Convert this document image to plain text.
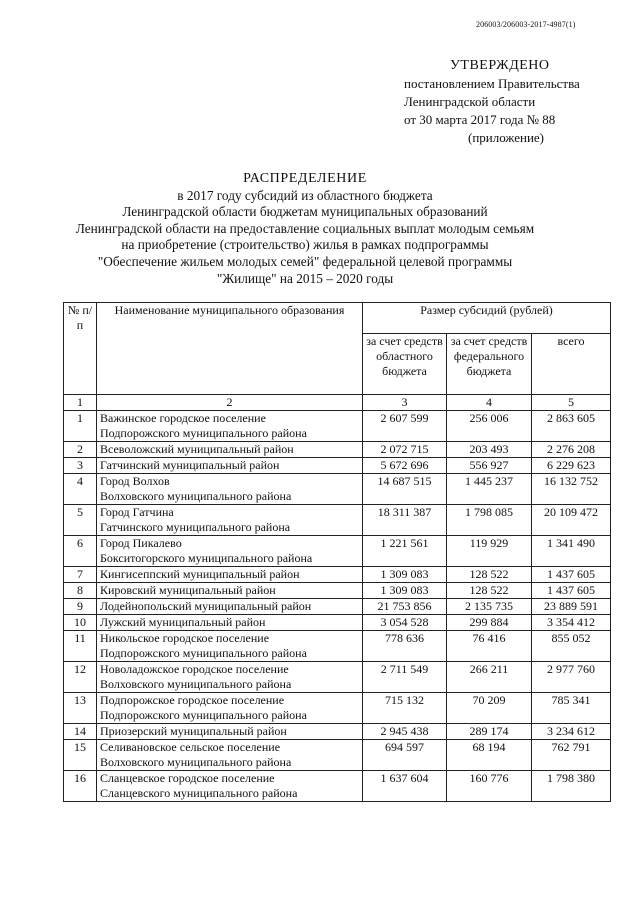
206003/206003-2017-4987(1)
УТВЕРЖДЕНО
постановлением Правительства
Ленинградской области
от 30 марта 2017 года № 88
(приложение)
РАСПРЕДЕЛЕНИЕ
в 2017 году субсидий из областного бюджета
Ленинградской области бюджетам муниципальных образований
Ленинградской области на предоставление социальных выплат молодым семьям
на приобретение (строительство) жилья в рамках подпрограммы
"Обеспечение жильем молодых семей" федеральной целевой программы
"Жилище" на 2015 – 2020 годы
№ п/п	Наименование муниципального образования	Размер субсидий (рублей)		
		за счет средств областного бюджета	за счет средств федерального бюджета	всего
1	2	3	4	5
1	Важинское городское поселение
Подпорожского муниципального района	2 607 599	256 006	2 863 605
2	Всеволожский муниципальный район	2 072 715	203 493	2 276 208
3	Гатчинский муниципальный район	5 672 696	556 927	6 229 623
4	Город Волхов
Волховского муниципального района	14 687 515	1 445 237	16 132 752
5	Город Гатчина
Гатчинского муниципального района	18 311 387	1 798 085	20 109 472
6	Город Пикалево
Бокситогорского муниципального района	1 221 561	119 929	1 341 490
7	Кингисеппский муниципальный район	1 309 083	128 522	1 437 605
8	Кировский муниципальный район	1 309 083	128 522	1 437 605
9	Лодейнопольский муниципальный район	21 753 856	2 135 735	23 889 591
10	Лужский муниципальный район	3 054 528	299 884	3 354 412
11	Никольское городское поселение
Подпорожского муниципального района	778 636	76 416	855 052
12	Новоладожское городское поселение
Волховского муниципального района	2 711 549	266 211	2 977 760
13	Подпорожское городское поселение
Подпорожского муниципального района	715 132	70 209	785 341
14	Приозерский муниципальный район	2 945 438	289 174	3 234 612
15	Селивановское сельское поселение
Волховского муниципального района	694 597	68 194	762 791
16	Сланцевское городское поселение
Сланцевского муниципального района	1 637 604	160 776	1 798 380
